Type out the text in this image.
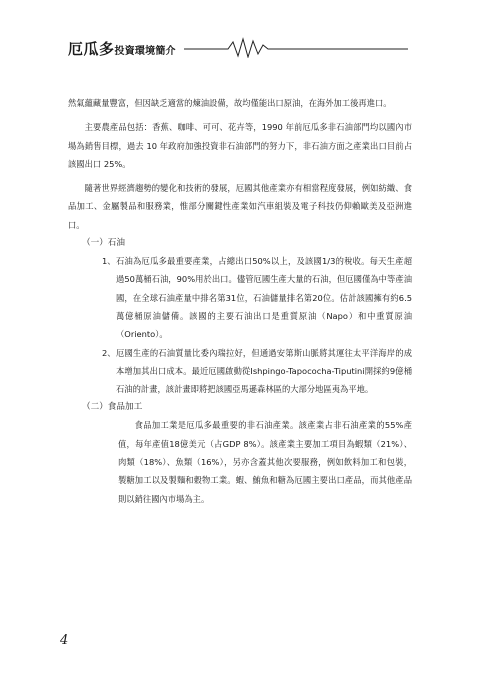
厄瓜多投資環境簡介

然氣蘊藏量豐富，但因缺乏適當的煉油設備，故均僅能出口原油，在海外加工後再進口。

主要農產品包括：香蕉、咖啡、可可、花卉等，1990 年前厄瓜多非石油部門均以國內市場為銷售目標，過去 10 年政府加強投資非石油部門的努力下，非石油方面之產業出口目前占該國出口 25%。

隨著世界經濟趨勢的變化和技術的發展，厄國其他產業亦有相當程度發展，例如紡織、食品加工、金屬製品和服務業，惟部分關鍵性產業如汽車組裝及電子科技仍仰賴歐美及亞洲進口。

（一）石油

1、 石油為厄瓜多最重要產業，占總出口50%以上，及該國1/3的稅收。每天生產超過50萬桶石油，90%用於出口。儘管厄國生產大量的石油，但厄國僅為中等產油國，在全球石油產量中排名第31位，石油儲量排名第20位。估計該國擁有約6.5萬億桶原油儲備。該國的主要石油出口是重質原油（Napo）和中重質原油（Oriento）。

2、 厄國生產的石油質量比委內瑞拉好，但通過安第斯山脈將其運往太平洋海岸的成本增加其出口成本。最近厄國啟動從Ishpingo-Tapococha-Tiputini開採約9億桶石油的計畫，該計畫即將把該國亞馬遜森林區的大部分地區夷為平地。

（二）食品加工

食品加工業是厄瓜多最重要的非石油產業。該產業占非石油產業的55%產值，每年產值18億美元（占GDP 8%）。該產業主要加工項目為蝦類（21%）、肉類（18%）、魚類（16%），另亦含蓋其他次要服務，例如飲料加工和包裝，製糖加工以及製麵和穀物工業。蝦、鮪魚和糖為厄國主要出口產品，而其他產品則以銷往國內市場為主。

4
